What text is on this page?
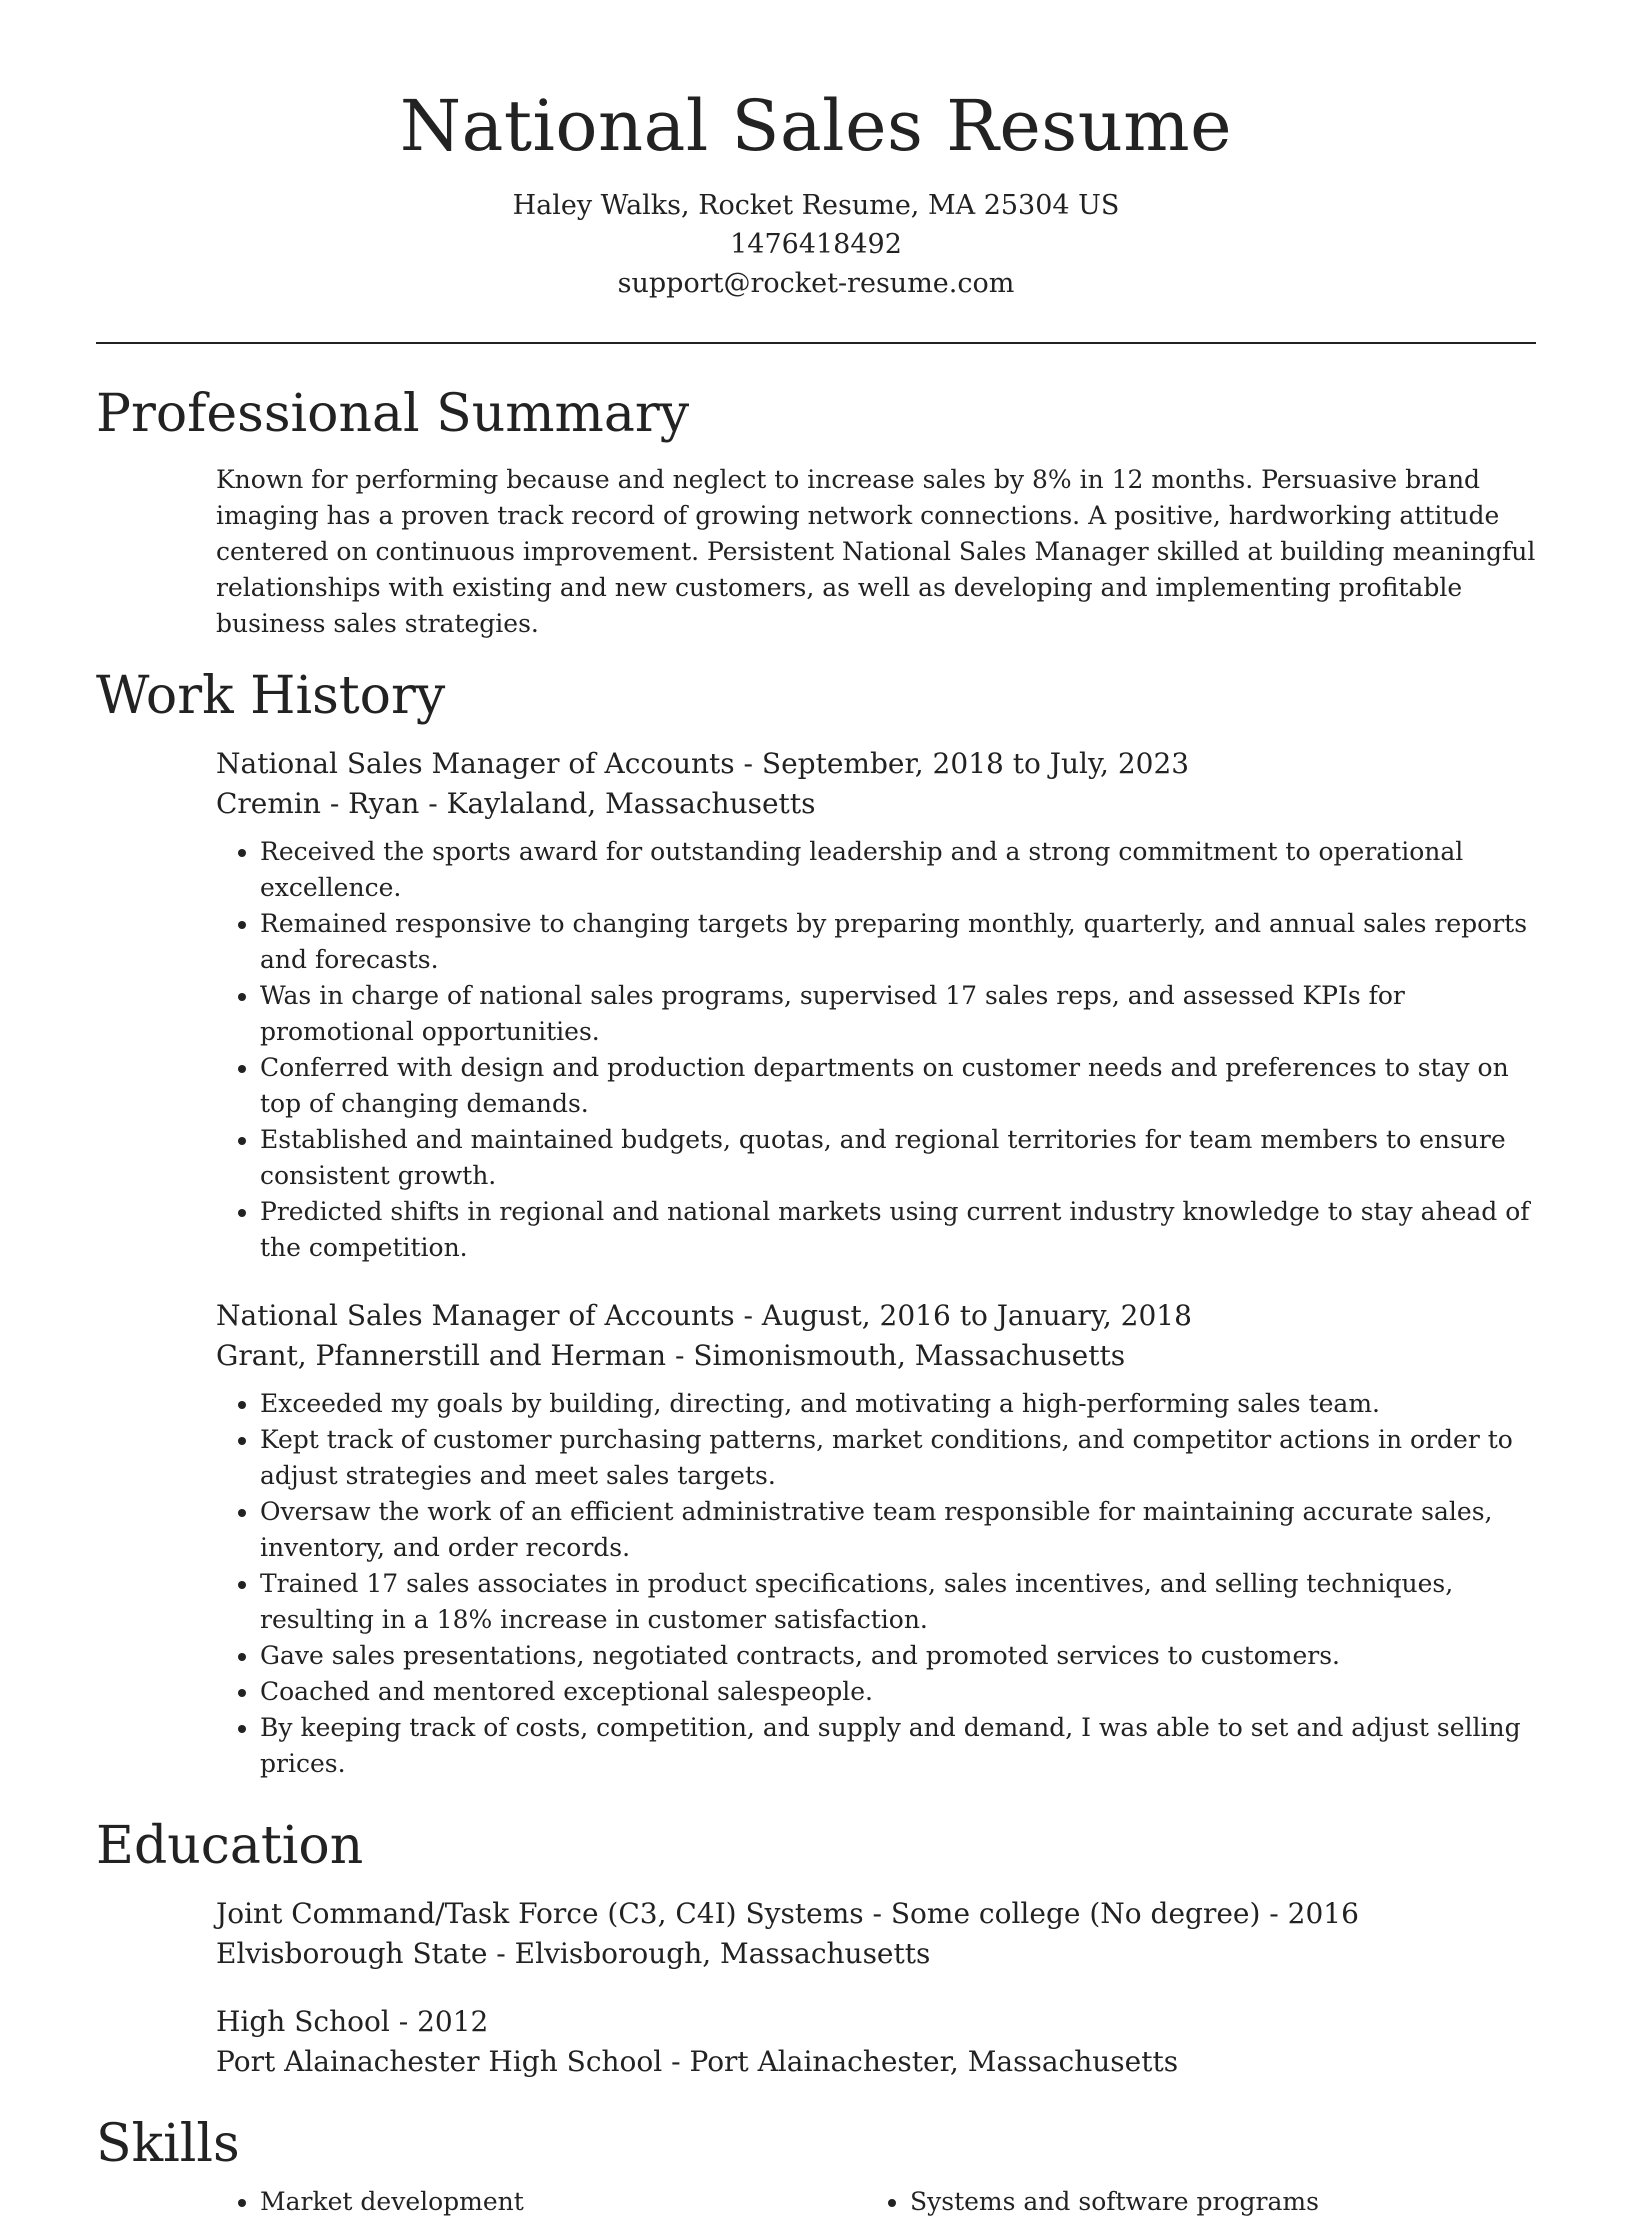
National Sales Resume
Haley Walks, Rocket Resume, MA 25304 US
1476418492
support@rocket-resume.com
Professional Summary

Known for performing because and neglect to increase sales by 8% in 12 months. Persuasive brand imaging has a proven track record of growing network connections. A positive, hardworking attitude centered on continuous improvement. Persistent National Sales Manager skilled at building meaningful relationships with existing and new customers, as well as developing and implementing profitable business sales strategies.

Work History
National Sales Manager of Accounts - September, 2018 to July, 2023
Cremin - Ryan - Kaylaland, Massachusetts
• Received the sports award for outstanding leadership and a strong commitment to operational excellence.
• Remained responsive to changing targets by preparing monthly, quarterly, and annual sales reports and forecasts.
• Was in charge of national sales programs, supervised 17 sales reps, and assessed KPIs for promotional opportunities.
• Conferred with design and production departments on customer needs and preferences to stay on top of changing demands.
• Established and maintained budgets, quotas, and regional territories for team members to ensure consistent growth.
• Predicted shifts in regional and national markets using current industry knowledge to stay ahead of the competition.
National Sales Manager of Accounts - August, 2016 to January, 2018
Grant, Pfannerstill and Herman - Simonismouth, Massachusetts
• Exceeded my goals by building, directing, and motivating a high-performing sales team.
• Kept track of customer purchasing patterns, market conditions, and competitor actions in order to adjust strategies and meet sales targets.
• Oversaw the work of an efficient administrative team responsible for maintaining accurate sales, inventory, and order records.
• Trained 17 sales associates in product specifications, sales incentives, and selling techniques, resulting in a 18% increase in customer satisfaction.
• Gave sales presentations, negotiated contracts, and promoted services to customers.
• Coached and mentored exceptional salespeople.
• By keeping track of costs, competition, and supply and demand, I was able to set and adjust selling prices.
Education
Joint Command/Task Force (C3, C4I) Systems - Some college (No degree) - 2016
Elvisborough State - Elvisborough, Massachusetts
High School - 2012
Port Alainachester High School - Port Alainachester, Massachusetts
Skills
• Market development
•	Systems and software programs
